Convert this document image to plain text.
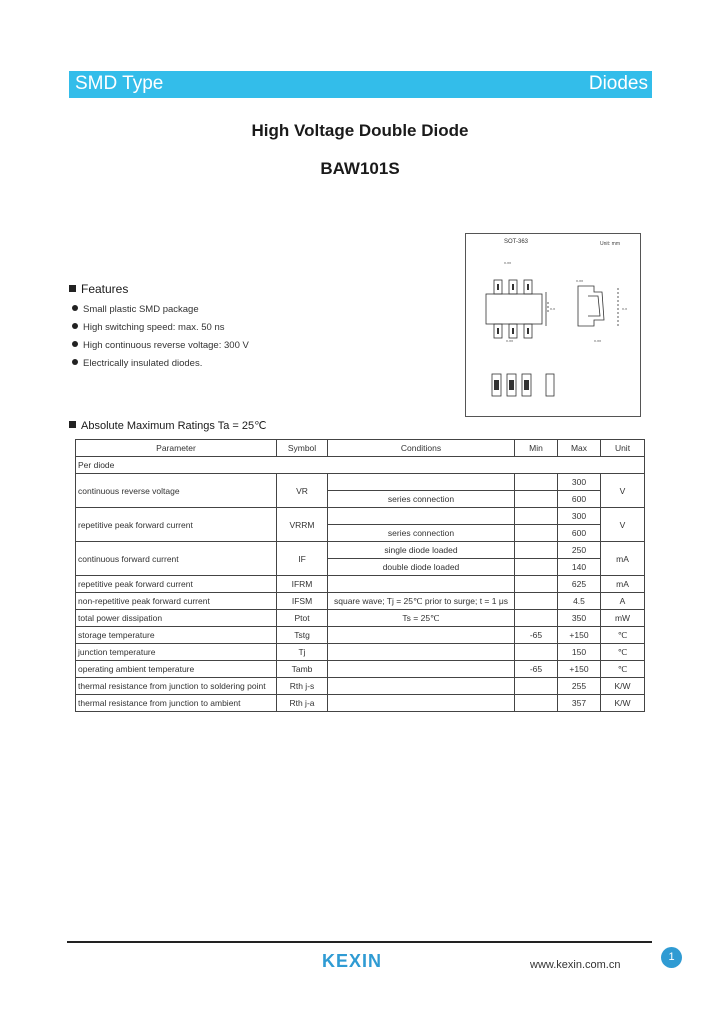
SMD Type	Diodes
High Voltage Double Diode
BAW101S
SOT-363	Unit: mm
x.xx
x.xx
x.x
x.xx
x.xx
x.x
Features
Small plastic SMD package
High switching speed: max. 50 ns
High continuous reverse voltage: 300 V
Electrically insulated diodes.
Absolute Maximum Ratings Ta = 25℃
Parameter	Symbol	Conditions	Min	Max	Unit
Per diode					
continuous reverse voltage	VR			300	V
		series connection		600	
repetitive peak forward current	VRRM			300	V
		series connection		600	
continuous forward current	IF	single diode loaded		250	mA
		double diode loaded		140	
repetitive peak forward current	IFRM			625	mA
non-repetitive peak forward current	IFSM	square wave; Tj = 25℃ prior to surge; t = 1 μs		4.5	A
total power dissipation	Ptot	Ts = 25℃		350	mW
storage temperature	Tstg		-65	+150	℃
junction temperature	Tj			150	℃
operating ambient temperature	Tamb		-65	+150	℃
thermal resistance from junction to soldering point	Rth j-s			255	K/W
thermal resistance from junction to ambient	Rth j-a			357	K/W
KEXIN	www.kexin.com.cn
1
